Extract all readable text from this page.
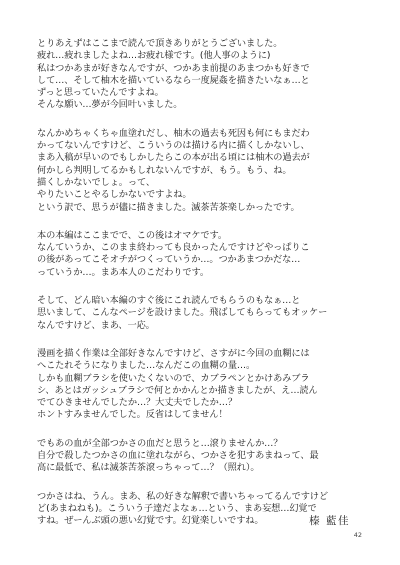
とりあえずはここまで読んで頂きありがとうございました。
疲れ…疲れましたよね…お疲れ様です。(他人事のように)
私はつかあまが好きなんですが、つかあま前提のあまつかも好きで
して…、そして柚木を描いているなら一度屍姦を描きたいなぁ…と
ずっと思っていたんですよね。
そんな願い…夢が今回叶いました。
なんかめちゃくちゃ血塗れだし、柚木の過去も死因も何にもまだわ
かってないんですけど、こういうのは描ける内に描くしかないし、
まあ入稿が早いのでもしかしたらこの本が出る頃には柚木の過去が
何かしら判明してるかもしれないんですが、もう。もう、ね。
描くしかないでしょ。って、
やりたいことやるしかないですよね。
という訳で、思うが儘に描きました。滅茶苦茶楽しかったです。
本の本編はここまでで、この後はオマケです。
なんていうか、このまま終わっても良かったんですけどやっぱりこ
の後があってこそオチがつくっていうか…。つかあまつかだな…
っていうか…。まあ本人のこだわりです。
そして、どん暗い本編のすぐ後にこれ読んでもらうのもなぁ…と
思いまして、こんなページを設けました。飛ばしてもらってもオッケー
なんですけど、まあ、一応。
漫画を描く作業は全部好きなんですけど、さすがに今回の血糊には
へこたれそうになりました…なんだこの血糊の量…。
しかも血糊ブラシを使いたくないので、カブラペンとかけあみブラ
シ、あとはガッシュブラシで何とかかんとか描きましたが、え…読ん
でてひきませんでしたか…？大丈夫でしたか…？
ホントすみませんでした。反省はしてません！
でもあの血が全部つかさの血だと思うと…滾りませんか…？
自分で殺したつかさの血に塗れながら、つかさを犯すあまねって、最
高に最低で、私は滅茶苦茶滾っちゃって…？（照れ）。
つかさはね、うん。まあ、私の好きな解釈で書いちゃってるんですけど
ど(あまねねも)。こういう子達だよなぁ…という、まあ妄想…幻覚で
すね。ぜーんぶ頭の悪い幻覚です。幻覚楽しいですね。	榛 藍佳
42
